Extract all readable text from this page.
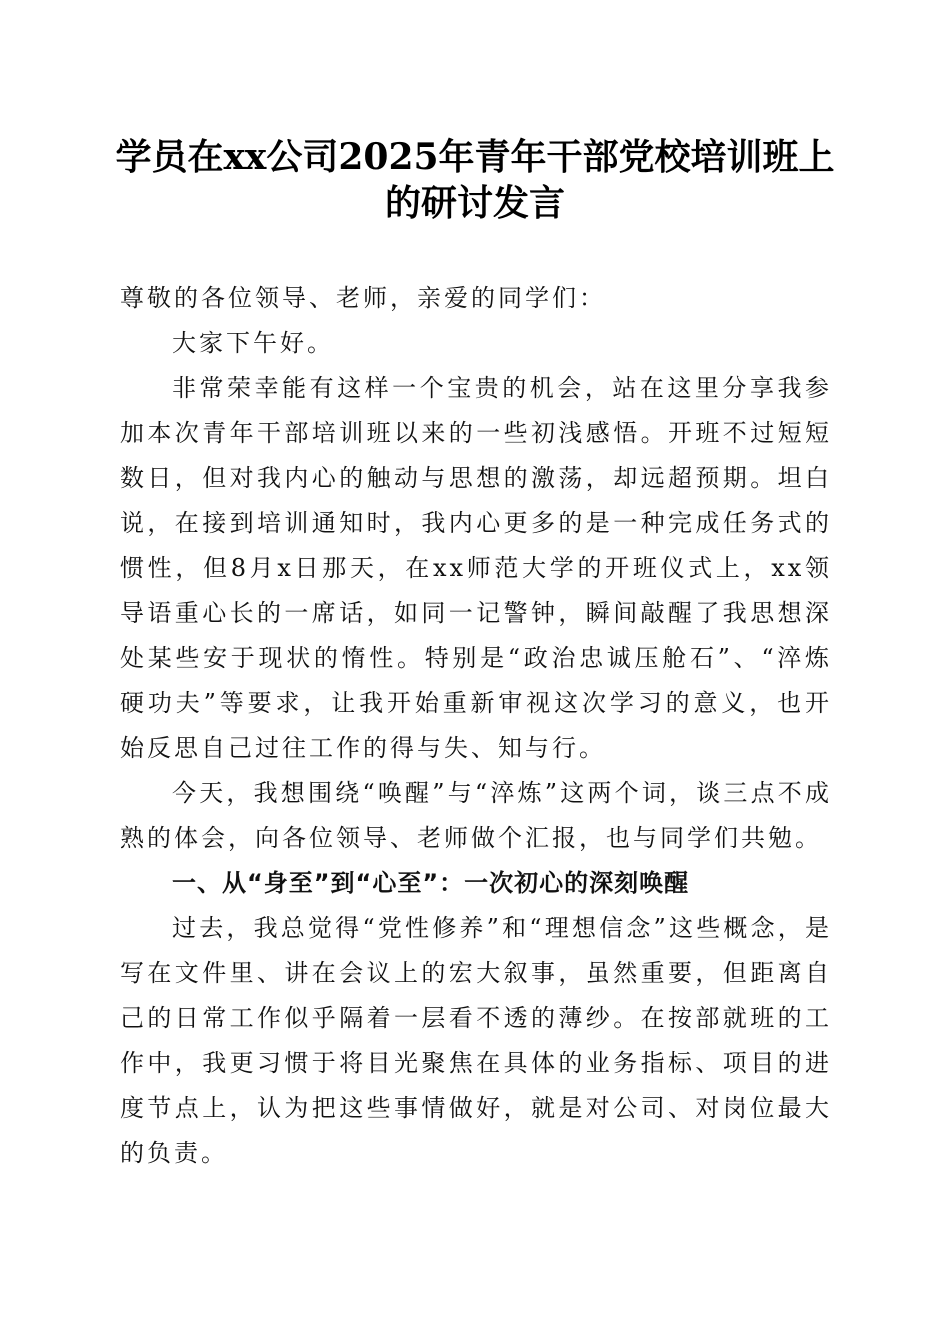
学员在xx公司2025年青年干部党校培训班上的研讨发言

尊敬的各位领导、老师，亲爱的同学们：

大家下午好。

非常荣幸能有这样一个宝贵的机会，站在这里分享我参加本次青年干部培训班以来的一些初浅感悟。开班不过短短数日，但对我内心的触动与思想的激荡，却远超预期。坦白说，在接到培训通知时，我内心更多的是一种完成任务式的惯性，但8月x日那天，在xx师范大学的开班仪式上，xx领导语重心长的一席话，如同一记警钟，瞬间敲醒了我思想深处某些安于现状的惰性。特别是“政治忠诚压舱石”、“淬炼硬功夫”等要求，让我开始重新审视这次学习的意义，也开始反思自己过往工作的得与失、知与行。

今天，我想围绕“唤醒”与“淬炼”这两个词，谈三点不成熟的体会，向各位领导、老师做个汇报，也与同学们共勉。

一、从“身至”到“心至”：一次初心的深刻唤醒

过去，我总觉得“党性修养”和“理想信念”这些概念，是写在文件里、讲在会议上的宏大叙事，虽然重要，但距离自己的日常工作似乎隔着一层看不透的薄纱。在按部就班的工作中，我更习惯于将目光聚焦在具体的业务指标、项目的进度节点上，认为把这些事情做好，就是对公司、对岗位最大的负责。
